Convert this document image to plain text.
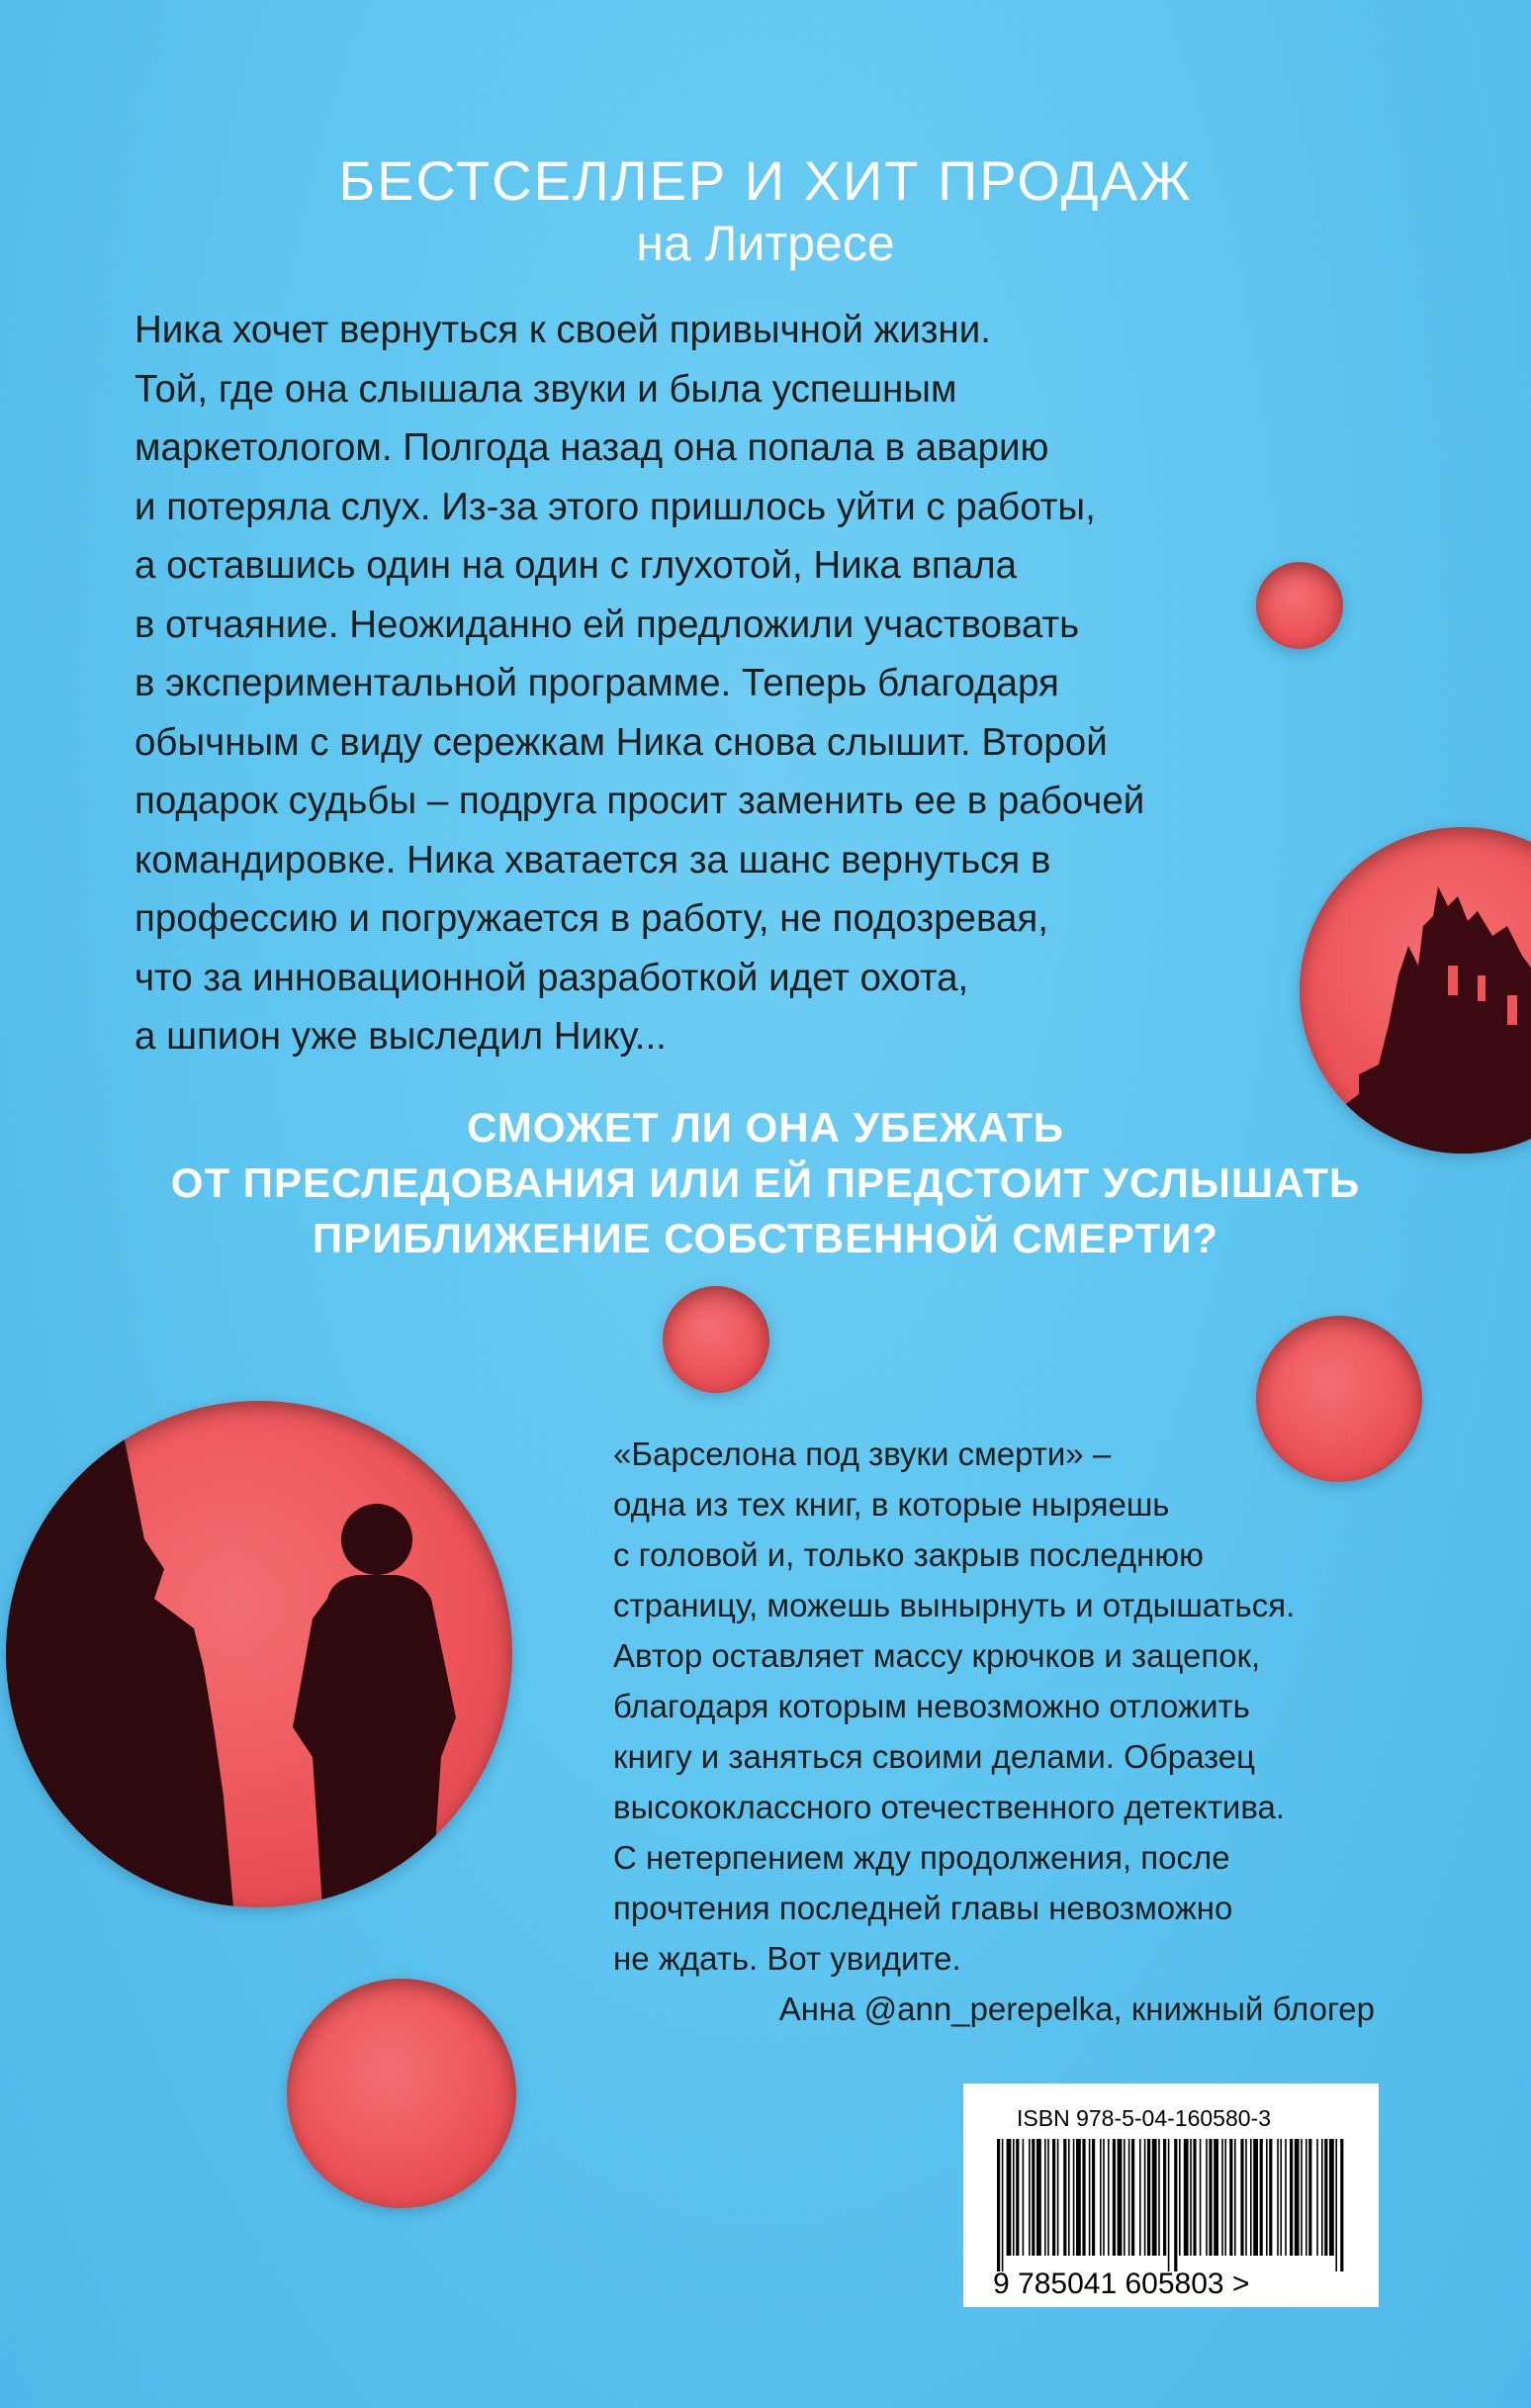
БЕСТСЕЛЛЕР И ХИТ ПРОДАЖ
на Литресе
Ника хочет вернуться к своей привычной жизни.
Той, где она слышала звуки и была успешным
маркетологом. Полгода назад она попала в аварию
и потеряла слух. Из-за этого пришлось уйти с работы,
а оставшись один на один с глухотой, Ника впала
в отчаяние. Неожиданно ей предложили участвовать
в экспериментальной программе. Теперь благодаря
обычным с виду сережкам Ника снова слышит. Второй
подарок судьбы – подруга просит заменить ее в рабочей
командировке. Ника хватается за шанс вернуться в
профессию и погружается в работу, не подозревая,
что за инновационной разработкой идет охота,
а шпион уже выследил Нику...
СМОЖЕТ ЛИ ОНА УБЕЖАТЬ
ОТ ПРЕСЛЕДОВАНИЯ ИЛИ ЕЙ ПРЕДСТОИТ УСЛЫШАТЬ
ПРИБЛИЖЕНИЕ СОБСТВЕННОЙ СМЕРТИ?
«Барселона под звуки смерти» –
одна из тех книг, в которые ныряешь
с головой и, только закрыв последнюю
страницу, можешь вынырнуть и отдышаться.
Автор оставляет массу крючков и зацепок,
благодаря которым невозможно отложить
книгу и заняться своими делами. Образец
высококлассного отечественного детектива.
С нетерпением жду продолжения, после
прочтения последней главы невозможно
не ждать. Вот увидите.
Анна @ann_perepelka, книжный блогер
ISBN 978-5-04-160580-3
9 785041 605803 >
